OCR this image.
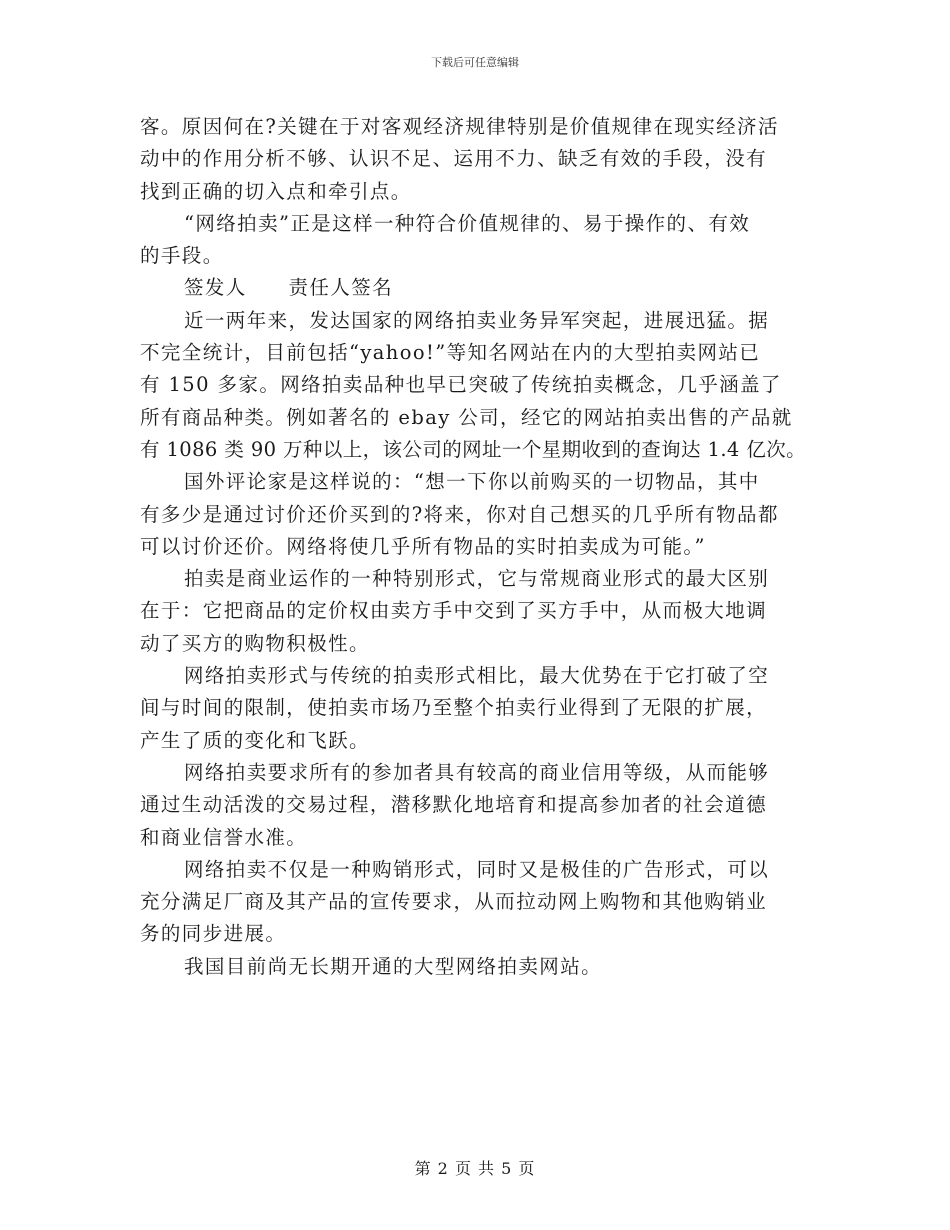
下载后可任意编辑
客。原因何在?关键在于对客观经济规律特别是价值规律在现实经济活
动中的作用分析不够、认识不足、运用不力、缺乏有效的手段，没有
找到正确的切入点和牵引点。
“网络拍卖”正是这样一种符合价值规律的、易于操作的、有效
的手段。
签发人　　责任人签名
近一两年来，发达国家的网络拍卖业务异军突起，进展迅猛。据
不完全统计，目前包括“yahoo!”等知名网站在内的大型拍卖网站已
有 150 多家。网络拍卖品种也早已突破了传统拍卖概念，几乎涵盖了
所有商品种类。例如著名的 ebay 公司，经它的网站拍卖出售的产品就
有 1086 类 90 万种以上，该公司的网址一个星期收到的查询达 1.4 亿次。
国外评论家是这样说的：“想一下你以前购买的一切物品，其中
有多少是通过讨价还价买到的?将来，你对自己想买的几乎所有物品都
可以讨价还价。网络将使几乎所有物品的实时拍卖成为可能。”
拍卖是商业运作的一种特别形式，它与常规商业形式的最大区别
在于：它把商品的定价权由卖方手中交到了买方手中，从而极大地调
动了买方的购物积极性。
网络拍卖形式与传统的拍卖形式相比，最大优势在于它打破了空
间与时间的限制，使拍卖市场乃至整个拍卖行业得到了无限的扩展，
产生了质的变化和飞跃。
网络拍卖要求所有的参加者具有较高的商业信用等级，从而能够
通过生动活泼的交易过程，潜移默化地培育和提高参加者的社会道德
和商业信誉水准。
网络拍卖不仅是一种购销形式，同时又是极佳的广告形式，可以
充分满足厂商及其产品的宣传要求，从而拉动网上购物和其他购销业
务的同步进展。
我国目前尚无长期开通的大型网络拍卖网站。
第 2 页 共 5 页
